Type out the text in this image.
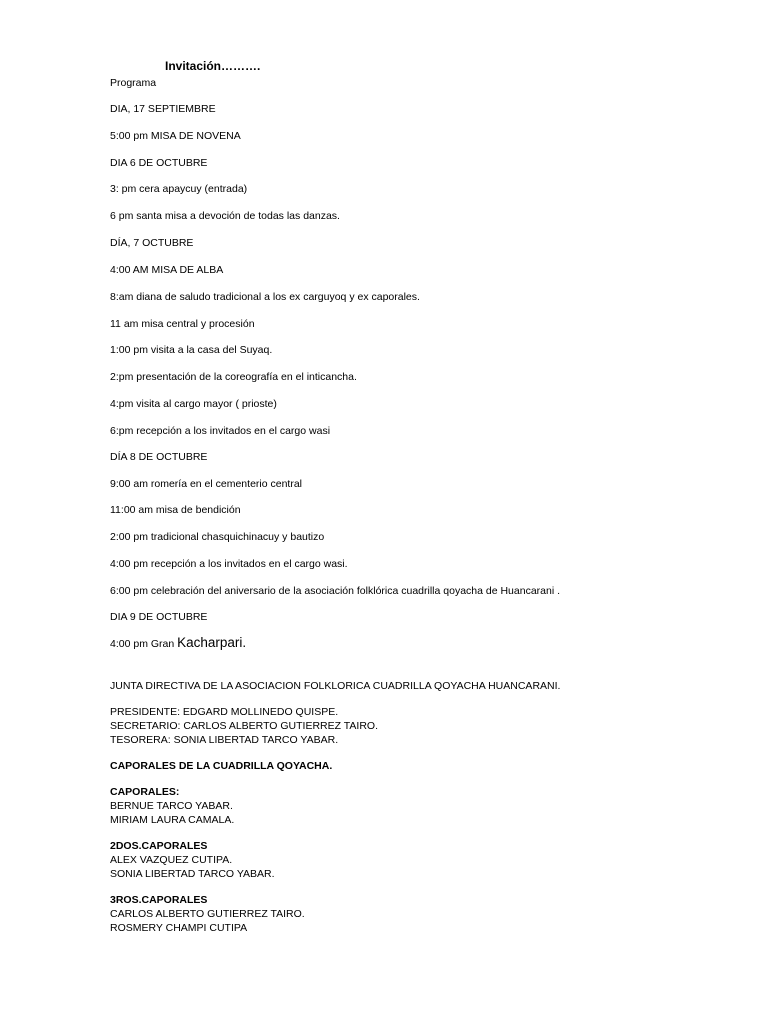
Invitación……….
Programa
DIA, 17 SEPTIEMBRE
5:00 pm MISA DE NOVENA
DIA 6 DE OCTUBRE
3: pm cera apaycuy (entrada)
6 pm santa misa a devoción de todas las danzas.
DÍA, 7 OCTUBRE
4:00 AM MISA DE ALBA
8:am diana de saludo tradicional a los ex carguyoq y ex caporales.
11 am misa central y procesión
1:00 pm visita a la casa del Suyaq.
2:pm presentación de la coreografía en el inticancha.
4:pm visita al cargo mayor ( prioste)
6:pm recepción a los invitados en el cargo wasi
DÍA 8 DE OCTUBRE
9:00 am romería en el cementerio central
11:00 am misa de bendición
2:00 pm tradicional chasquichinacuy y bautizo
4:00 pm recepción a los invitados en el cargo wasi.
6:00 pm celebración del aniversario de la asociación folklórica cuadrilla qoyacha de Huancarani .
DIA 9 DE OCTUBRE
4:00 pm Gran Kacharpari.
JUNTA DIRECTIVA DE LA ASOCIACION FOLKLORICA CUADRILLA QOYACHA HUANCARANI.
PRESIDENTE: EDGARD MOLLINEDO QUISPE.
SECRETARIO: CARLOS ALBERTO GUTIERREZ TAIRO.
TESORERA: SONIA LIBERTAD TARCO YABAR.
CAPORALES DE LA CUADRILLA QOYACHA.
CAPORALES:
BERNUE TARCO YABAR.
MIRIAM LAURA CAMALA.
2DOS.CAPORALES
ALEX VAZQUEZ CUTIPA.
SONIA LIBERTAD TARCO YABAR.
3ROS.CAPORALES
CARLOS ALBERTO GUTIERREZ TAIRO.
ROSMERY CHAMPI CUTIPA
